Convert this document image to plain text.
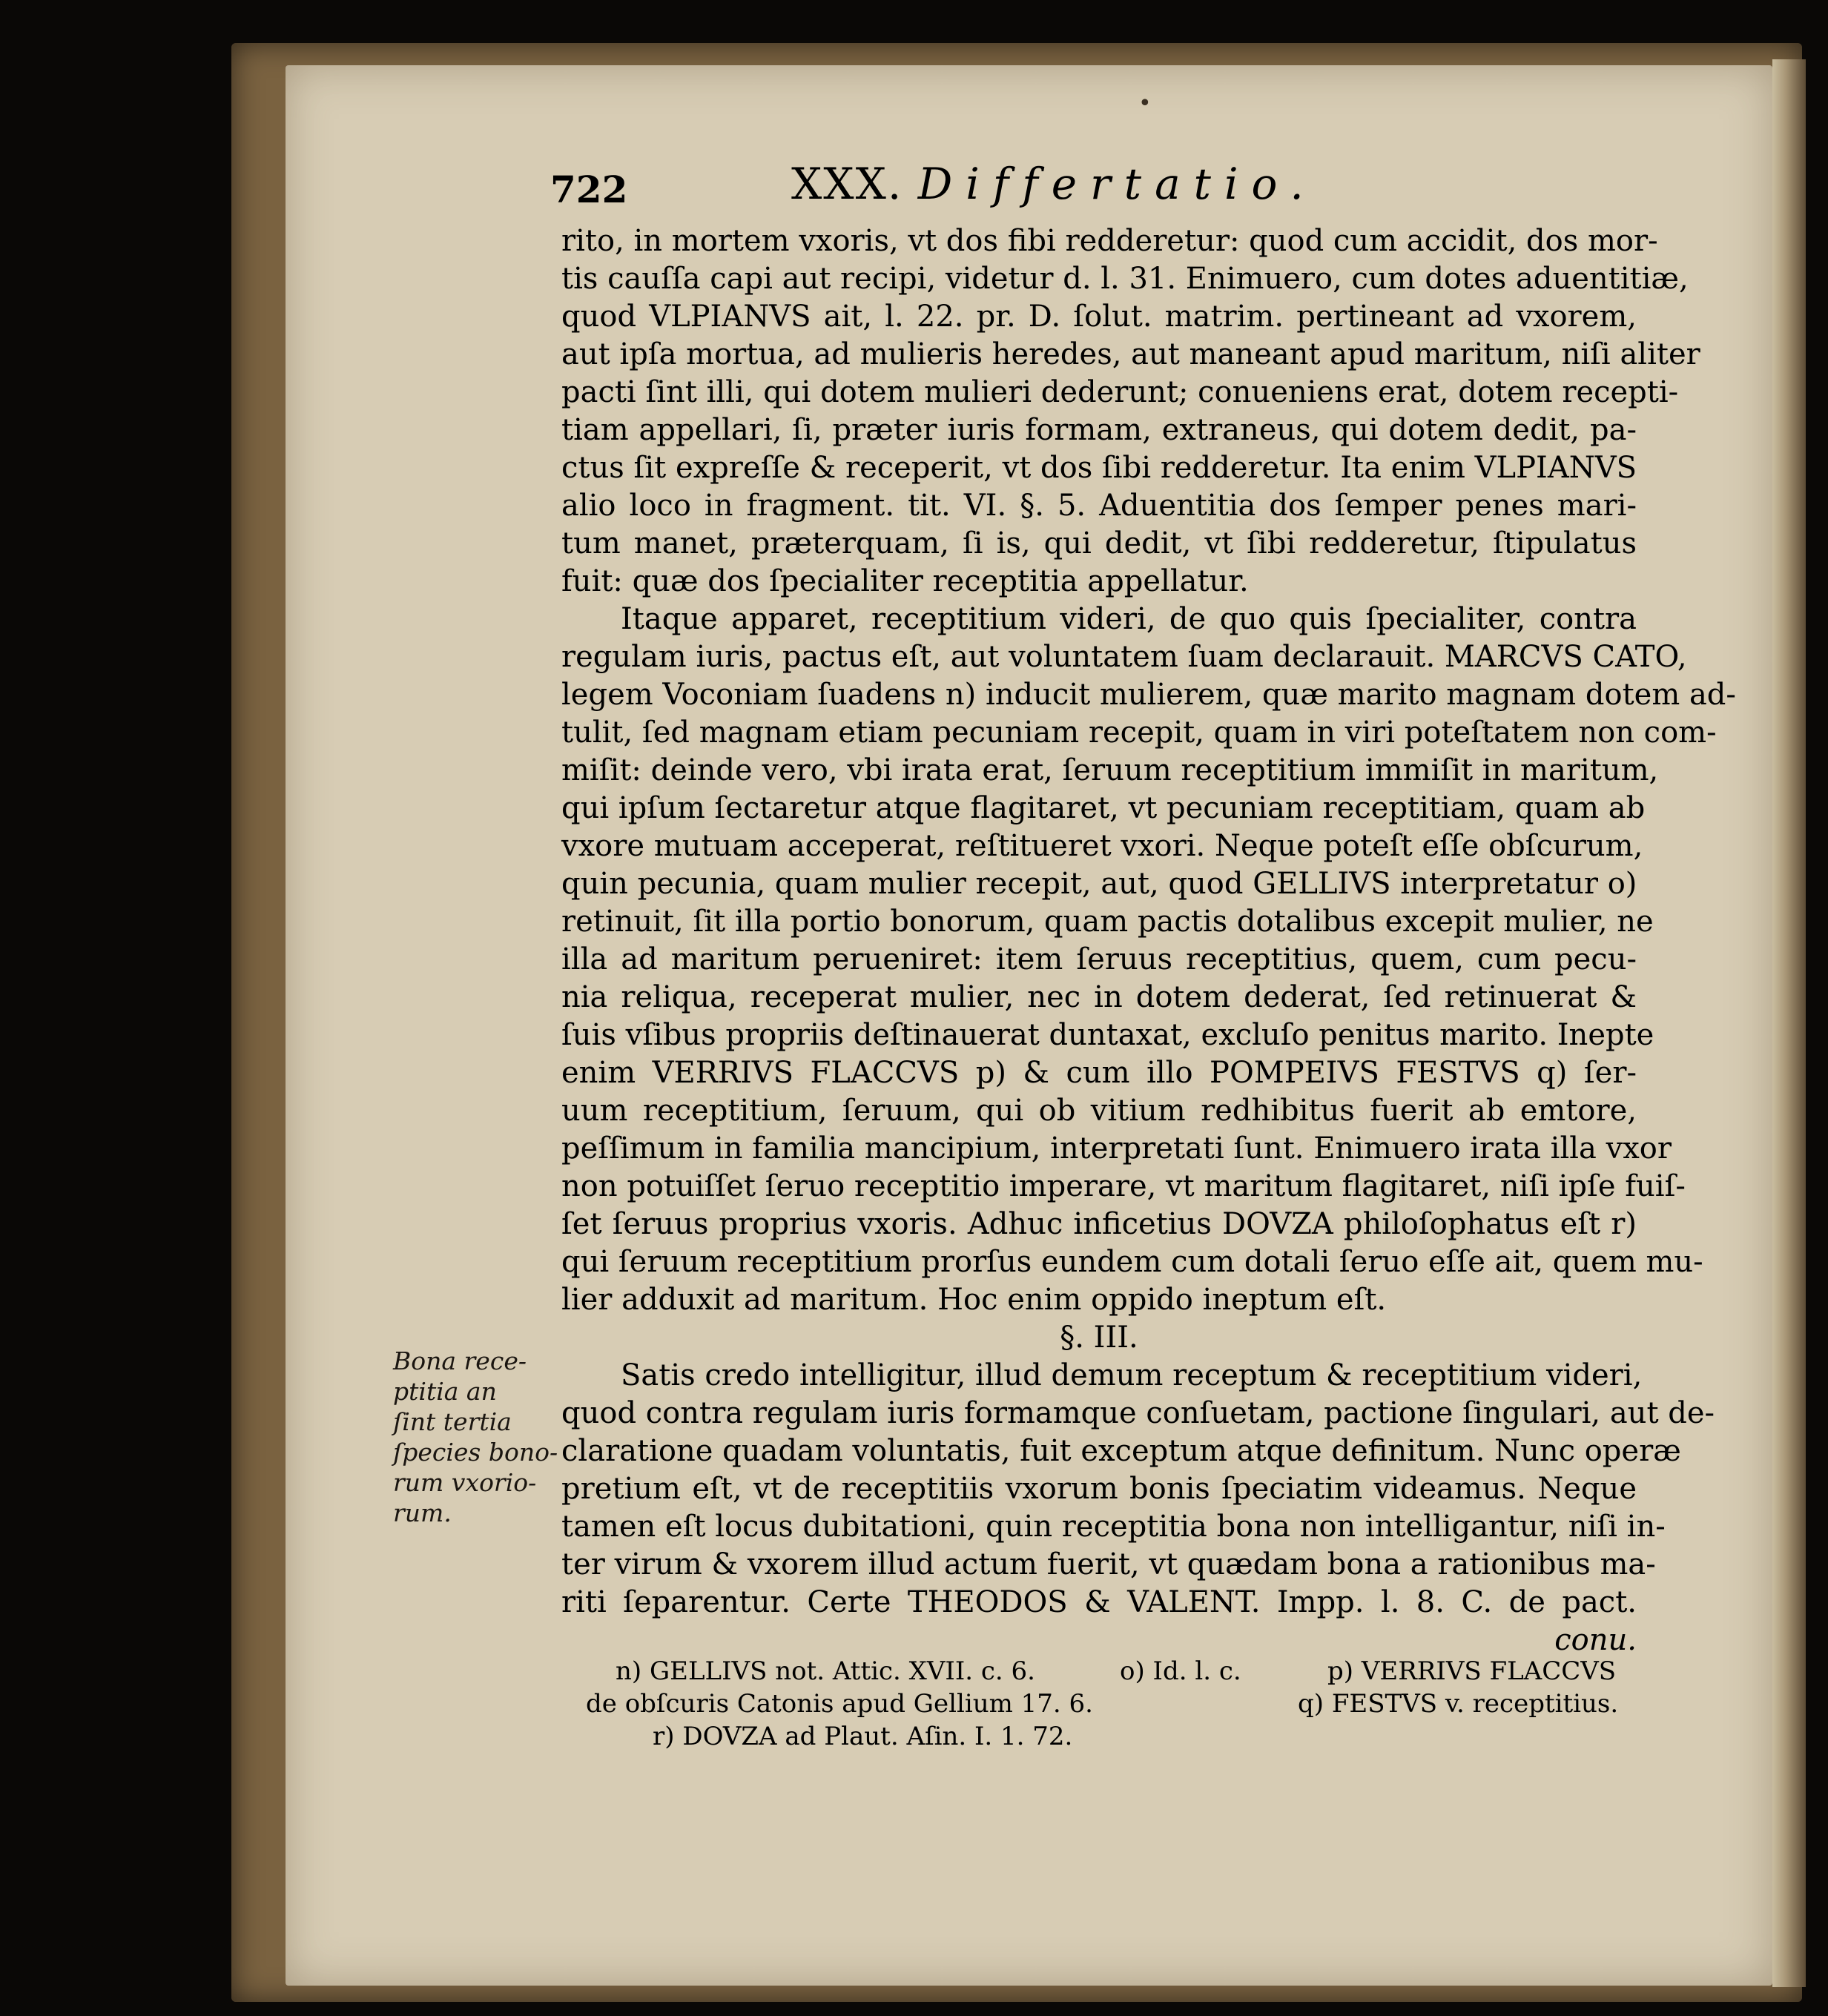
•
722	XXX. Differtatio.
rito, in mortem vxoris, vt dos fibi redderetur: quod cum accidit, dos mor-
tis cauſſa capi aut recipi, videtur d. l. 31. Enimuero, cum dotes aduentitiæ,
quod VLPIANVS ait, l. 22. pr. D. ſolut. matrim. pertineant ad vxorem,
aut ipſa mortua, ad mulieris heredes, aut maneant apud maritum, niſi aliter
pacti ſint illi, qui dotem mulieri dederunt; conueniens erat, dotem recepti-
tiam appellari, ſi, præter iuris formam, extraneus, qui dotem dedit, pa-
ctus ſit expreſſe & receperit, vt dos ſibi redderetur. Ita enim VLPIANVS
alio loco in fragment. tit. VI. §. 5. Aduentitia dos ſemper penes mari-
tum manet, præterquam, ſi is, qui dedit, vt ſibi redderetur, ſtipulatus
fuit: quæ dos ſpecialiter receptitia appellatur.
Itaque apparet, receptitium videri, de quo quis ſpecialiter, contra
regulam iuris, pactus eſt, aut voluntatem ſuam declarauit. MARCVS CATO,
legem Voconiam ſuadens n) inducit mulierem, quæ marito magnam dotem ad-
tulit, ſed magnam etiam pecuniam recepit, quam in viri poteſtatem non com-
miſit: deinde vero, vbi irata erat, ſeruum receptitium immiſit in maritum,
qui ipſum ſectaretur atque flagitaret, vt pecuniam receptitiam, quam ab
vxore mutuam acceperat, reſtitueret vxori. Neque poteſt eſſe obſcurum,
quin pecunia, quam mulier recepit, aut, quod GELLIVS interpretatur o)
retinuit, ſit illa portio bonorum, quam pactis dotalibus excepit mulier, ne
illa ad maritum perueniret: item ſeruus receptitius, quem, cum pecu-
nia reliqua, receperat mulier, nec in dotem dederat, ſed retinuerat &
ſuis vſibus propriis deſtinauerat duntaxat, excluſo penitus marito. Inepte
enim VERRIVS FLACCVS p) & cum illo POMPEIVS FESTVS q) ſer-
uum receptitium, ſeruum, qui ob vitium redhibitus fuerit ab emtore,
peſſimum in familia mancipium, interpretati ſunt. Enimuero irata illa vxor
non potuiſſet ſeruo receptitio imperare, vt maritum flagitaret, niſi ipſe fuiſ-
ſet ſeruus proprius vxoris. Adhuc inficetius DOVZA philoſophatus eſt r)
qui ſeruum receptitium prorſus eundem cum dotali ſeruo eſſe ait, quem mu-
lier adduxit ad maritum. Hoc enim oppido ineptum eſt.
§. III.
Satis credo intelligitur, illud demum receptum & receptitium videri,
quod contra regulam iuris formamque conſuetam, pactione ſingulari, aut de-
claratione quadam voluntatis, fuit exceptum atque definitum. Nunc operæ
pretium eſt, vt de receptitiis vxorum bonis ſpeciatim videamus. Neque
tamen eſt locus dubitationi, quin receptitia bona non intelligantur, niſi in-
ter virum & vxorem illud actum fuerit, vt quædam bona a rationibus ma-
riti ſeparentur. Certe THEODOS & VALENT. Impp. l. 8. C. de pact.
conu.
Bona rece-
ptitia an
ſint tertia
ſpecies bono-
rum vxorio-
rum.
n) GELLIVS not. Attic. XVII. c. 6.
de obſcuris Catonis apud Gellium 17. 6.
o) Id. l. c.	p) VERRIVS FLACCVS
q) FESTVS v. receptitius.
r) DOVZA ad Plaut. Aſin. I. 1. 72.
